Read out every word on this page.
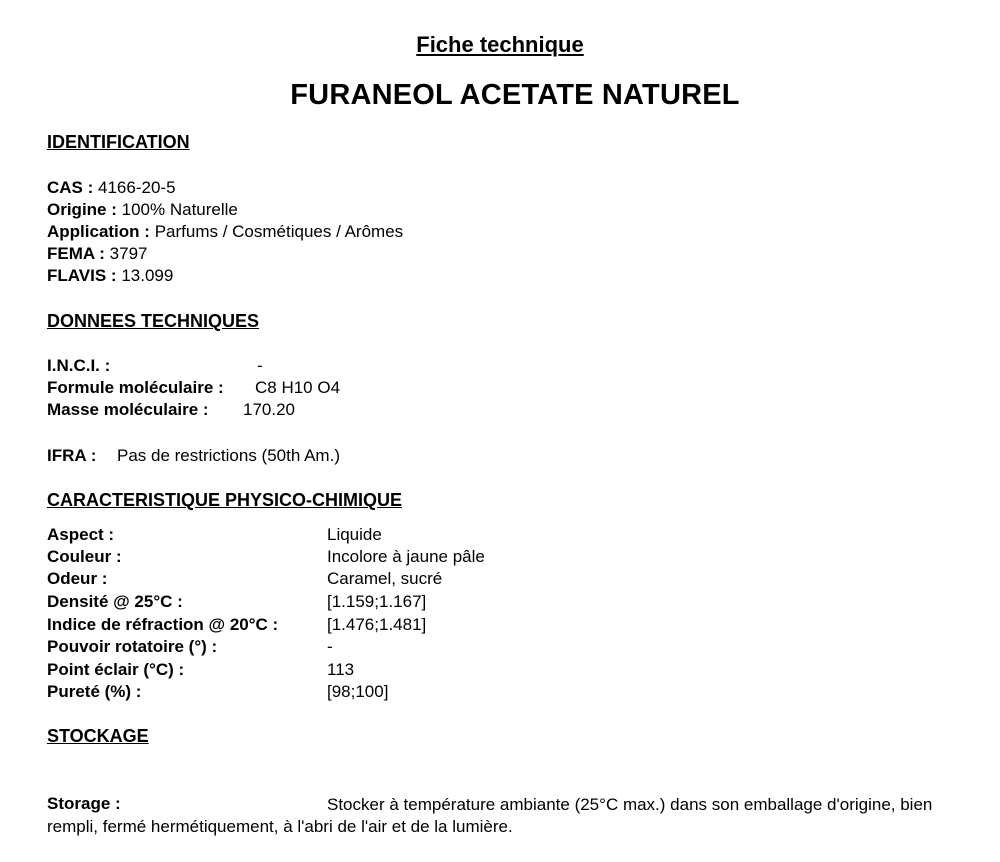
Fiche technique
FURANEOL ACETATE NATUREL
IDENTIFICATION
CAS : 4166-20-5
Origine : 100% Naturelle
Application : Parfums / Cosmétiques / Arômes
FEMA : 3797
FLAVIS : 13.099
DONNEES TECHNIQUES
I.N.C.I. :	-
Formule moléculaire : C8 H10 O4
Masse moléculaire : 170.20
IFRA : Pas de restrictions (50th Am.)
CARACTERISTIQUE PHYSICO-CHIMIQUE
Aspect :	Liquide
Couleur :	Incolore à jaune pâle
Odeur :	Caramel, sucré
Densité @ 25°C :	[1.159;1.167]
Indice de réfraction @ 20°C :	[1.476;1.481]
Pouvoir rotatoire (°) :	-
Point éclair (°C) :	113
Pureté (%) :	[98;100]
STOCKAGE
Storage :	Stocker à température ambiante (25°C max.) dans son emballage d'origine, bien rempli, fermé hermétiquement, à l'abri de l'air et de la lumière.
